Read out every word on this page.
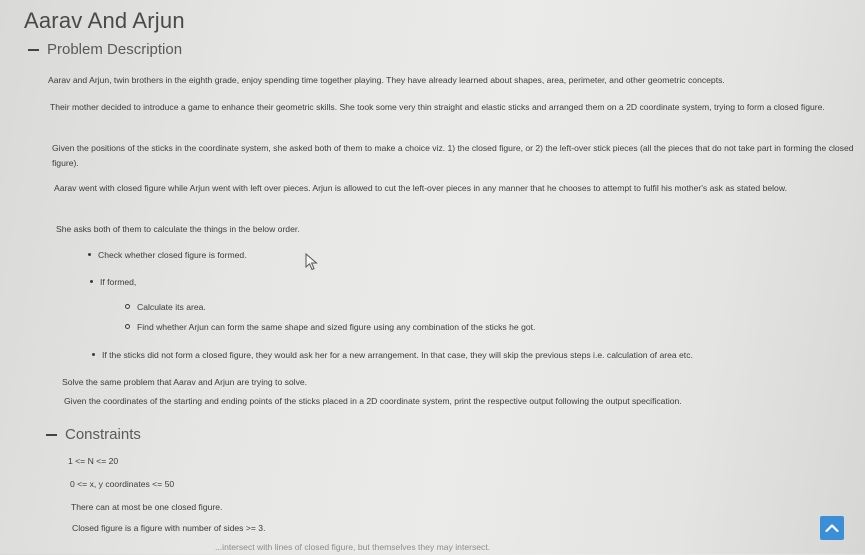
Aarav And Arjun
Problem Description
Aarav and Arjun, twin brothers in the eighth grade, enjoy spending time together playing. They have already learned about shapes, area, perimeter, and other geometric concepts.
Their mother decided to introduce a game to enhance their geometric skills. She took some very thin straight and elastic sticks and arranged them on a 2D coordinate system, trying to form a closed figure.
Given the positions of the sticks in the coordinate system, she asked both of them to make a choice viz. 1) the closed figure, or 2) the left-over stick pieces (all the pieces that do not take part in forming the closed figure).
Aarav went with closed figure while Arjun went with left over pieces. Arjun is allowed to cut the left-over pieces in any manner that he chooses to attempt to fulfil his mother's ask as stated below.
She asks both of them to calculate the things in the below order.
Check whether closed figure is formed.
If formed,
Calculate its area.
Find whether Arjun can form the same shape and sized figure using any combination of the sticks he got.
If the sticks did not form a closed figure, they would ask her for a new arrangement. In that case, they will skip the previous steps i.e. calculation of area etc.
Solve the same problem that Aarav and Arjun are trying to solve.
Given the coordinates of the starting and ending points of the sticks placed in a 2D coordinate system, print the respective output following the output specification.
Constraints
1 <= N <= 20
0 <= x, y coordinates <= 50
There can at most be one closed figure.
Closed figure is a figure with number of sides >= 3.
...intersect with lines of closed figure, but themselves they may intersect.
